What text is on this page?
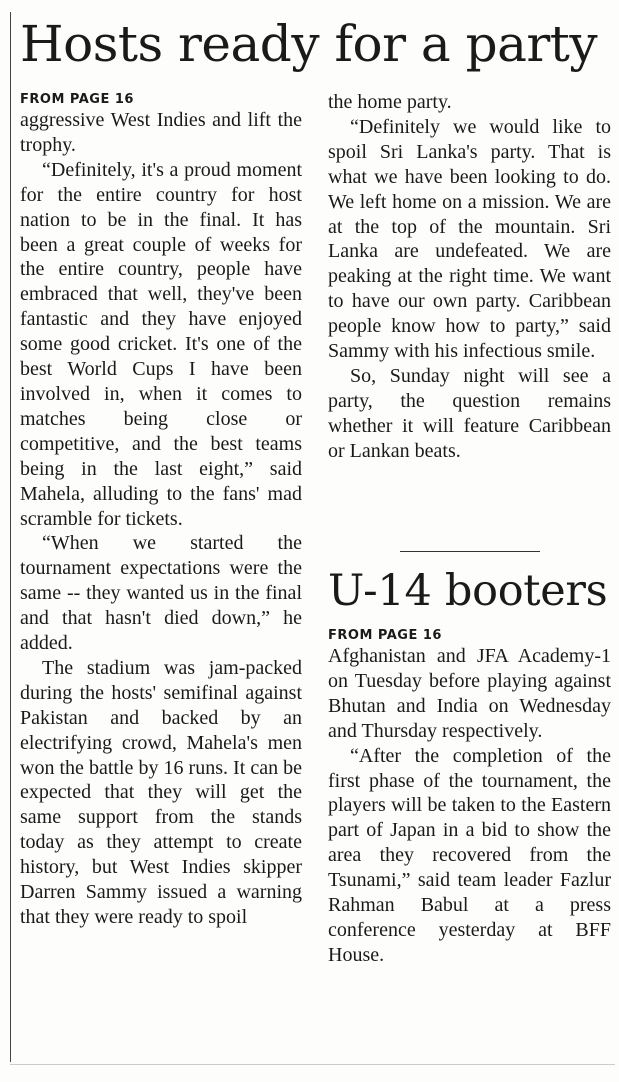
Hosts ready for a party
FROM PAGE 16

aggressive West Indies and lift the trophy.

“Definitely, it's a proud moment for the entire country for host nation to be in the final. It has been a great couple of weeks for the entire country, people have embraced that well, they've been fantastic and they have enjoyed some good cricket. It's one of the best World Cups I have been involved in, when it comes to matches being close or competitive, and the best teams being in the last eight,” said Mahela, alluding to the fans' mad scramble for tickets.

“When we started the tournament expectations were the same -- they wanted us in the final and that hasn't died down,” he added.

The stadium was jam-packed during the hosts' semifinal against Pakistan and backed by an electrifying crowd, Mahela's men won the battle by 16 runs. It can be expected that they will get the same support from the stands today as they attempt to create history, but West Indies skipper Darren Sammy issued a warning that they were ready to spoil

the home party.

“Definitely we would like to spoil Sri Lanka's party. That is what we have been looking to do. We left home on a mission. We are at the top of the mountain. Sri Lanka are undefeated. We are peaking at the right time. We want to have our own party. Caribbean people know how to party,” said Sammy with his infectious smile.

So, Sunday night will see a party, the question remains whether it will feature Caribbean or Lankan beats.

U-14 booters
FROM PAGE 16

Afghanistan and JFA Academy-1 on Tuesday before playing against Bhutan and India on Wednesday and Thursday respectively.

“After the completion of the first phase of the tournament, the players will be taken to the Eastern part of Japan in a bid to show the area they recovered from the Tsunami,” said team leader Fazlur Rahman Babul at a press conference yesterday at BFF House.
